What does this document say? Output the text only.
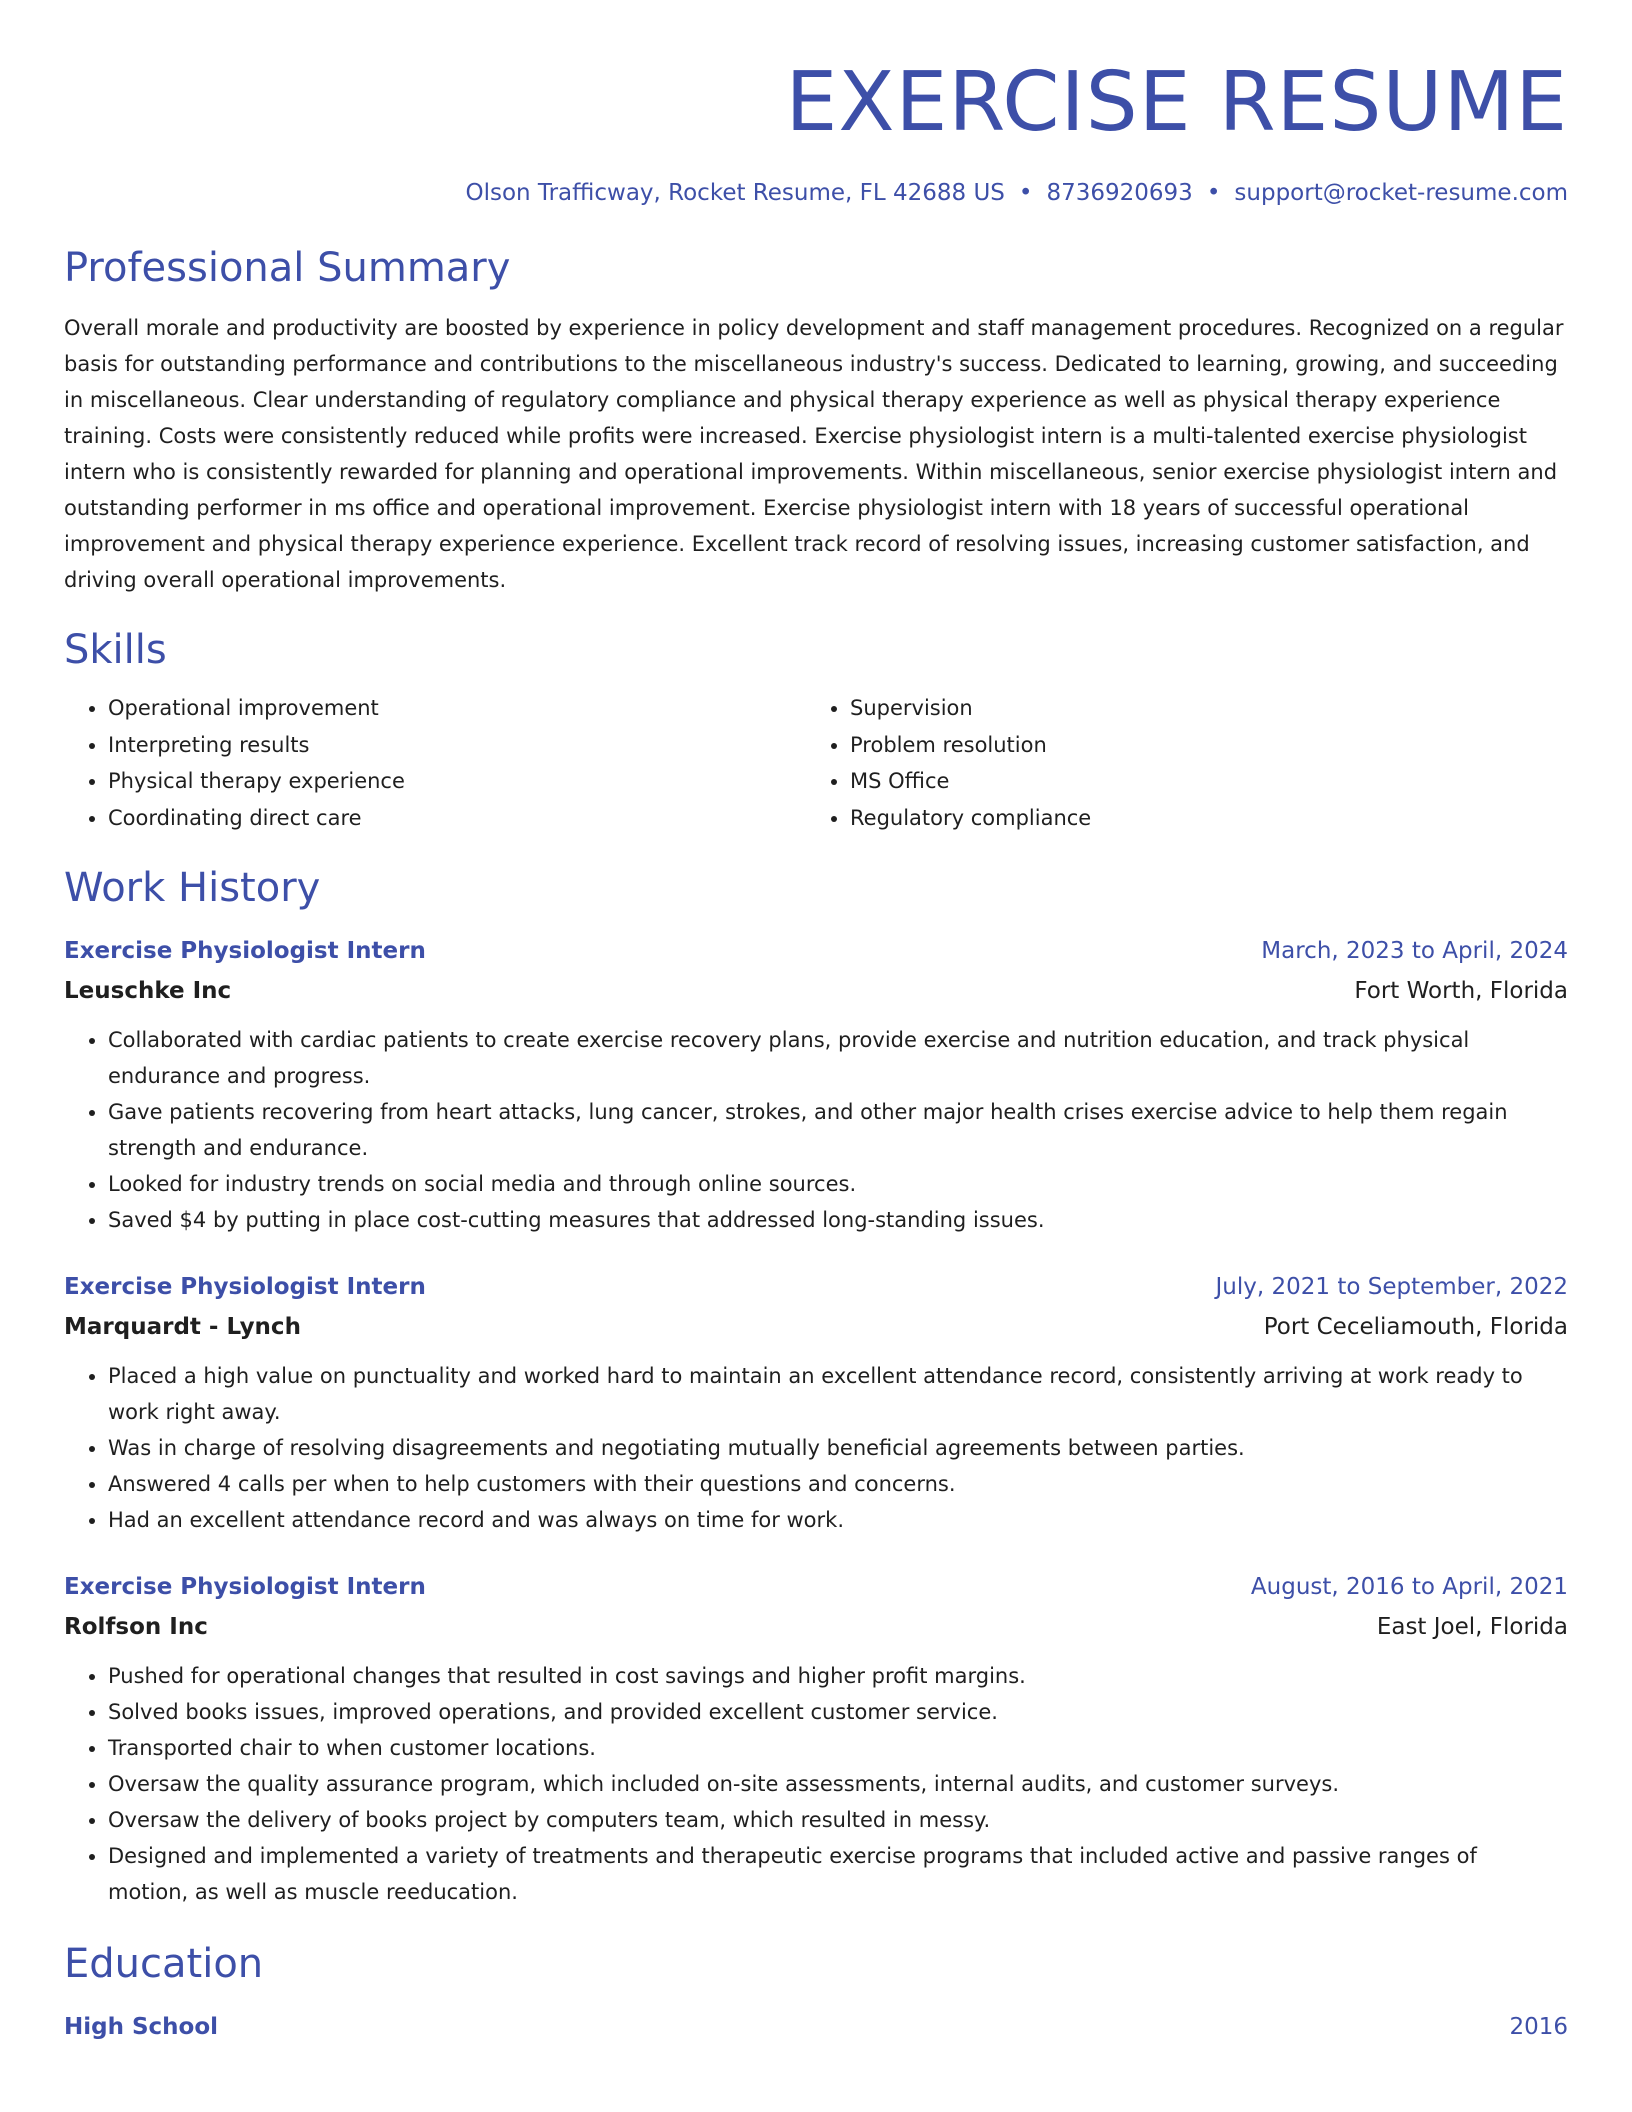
EXERCISE RESUME
Olson Trafficway, Rocket Resume, FL 42688 US • 8736920693 • support@rocket-resume.com
Professional Summary
Overall morale and productivity are boosted by experience in policy development and staff management procedures. Recognized on a regular basis for outstanding performance and contributions to the miscellaneous industry's success. Dedicated to learning, growing, and succeeding in miscellaneous. Clear understanding of regulatory compliance and physical therapy experience as well as physical therapy experience training. Costs were consistently reduced while profits were increased. Exercise physiologist intern is a multi-talented exercise physiologist intern who is consistently rewarded for planning and operational improvements. Within miscellaneous, senior exercise physiologist intern and outstanding performer in ms office and operational improvement. Exercise physiologist intern with 18 years of successful operational improvement and physical therapy experience experience. Excellent track record of resolving issues, increasing customer satisfaction, and driving overall operational improvements.
Skills
• Operational improvement
• Interpreting results
• Physical therapy experience
• Coordinating direct care
• Supervision
• Problem resolution
• MS Office
• Regulatory compliance
Work History
Exercise Physiologist Intern	March, 2023 to April, 2024
Leuschke Inc	Fort Worth, Florida
• Collaborated with cardiac patients to create exercise recovery plans, provide exercise and nutrition education, and track physical endurance and progress.
• Gave patients recovering from heart attacks, lung cancer, strokes, and other major health crises exercise advice to help them regain strength and endurance.
• Looked for industry trends on social media and through online sources.
• Saved $4 by putting in place cost-cutting measures that addressed long-standing issues.
Exercise Physiologist Intern	July, 2021 to September, 2022
Marquardt - Lynch	Port Ceceliamouth, Florida
• Placed a high value on punctuality and worked hard to maintain an excellent attendance record, consistently arriving at work ready to work right away.
• Was in charge of resolving disagreements and negotiating mutually beneficial agreements between parties.
• Answered 4 calls per when to help customers with their questions and concerns.
• Had an excellent attendance record and was always on time for work.
Exercise Physiologist Intern	August, 2016 to April, 2021
Rolfson Inc	East Joel, Florida
• Pushed for operational changes that resulted in cost savings and higher profit margins.
• Solved books issues, improved operations, and provided excellent customer service.
• Transported chair to when customer locations.
• Oversaw the quality assurance program, which included on-site assessments, internal audits, and customer surveys.
• Oversaw the delivery of books project by computers team, which resulted in messy.
• Designed and implemented a variety of treatments and therapeutic exercise programs that included active and passive ranges of motion, as well as muscle reeducation.
Education
High School	2016
